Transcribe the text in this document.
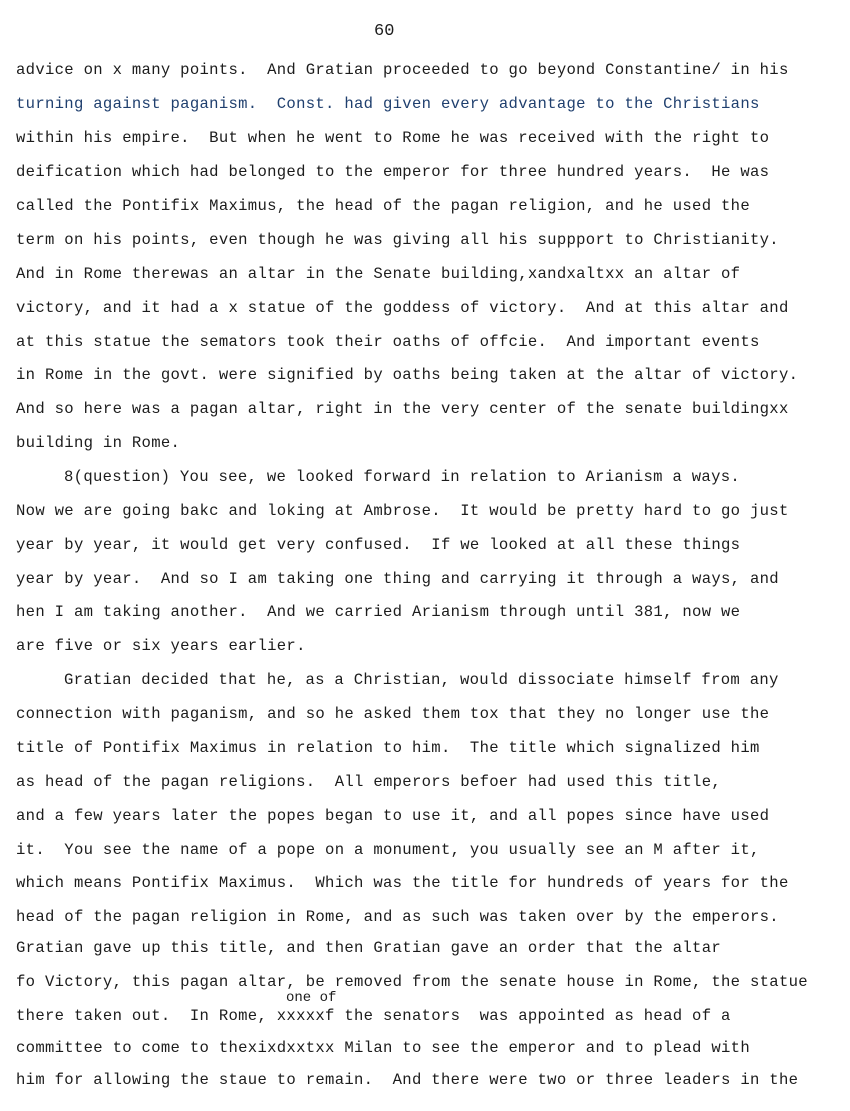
60
advice on x many points.  And Gratian proceeded to go beyond Constantine/ in his
turning against paganism.  Const. had given every advantage to the Christians
within his empire.  But when he went to Rome he was received with the right to
deification which had belonged to the emperor for three hundred years.  He was
called the Pontifix Maximus, the head of the pagan religion, and he used the
term on his points, even though he was giving all his suppport to Christianity.
And in Rome therewas an altar in the Senate building,xandxaltxx an altar of
victory, and it had a x statue of the goddess of victory.  And at this altar and
at this statue the semators took their oaths of offcie.  And important events
in Rome in the govt. were signified by oaths being taken at the altar of victory.
And so here was a pagan altar, right in the very center of the senate buildingxx
building in Rome.
8(question) You see, we looked forward in relation to Arianism a ways.
Now we are going bakc and loking at Ambrose.  It would be pretty hard to go just
year by year, it would get very confused.  If we looked at all these things
year by year.  And so I am taking one thing and carrying it through a ways, and
hen I am taking another.  And we carried Arianism through until 381, now we
are five or six years earlier.
Gratian decided that he, as a Christian, would dissociate himself from any
connection with paganism, and so he asked them tox that they no longer use the
title of Pontifix Maximus in relation to him.  The title which signalized him
as head of the pagan religions.  All emperors befoer had used this title,
and a few years later the popes began to use it, and all popes since have used
it.  You see the name of a pope on a monument, you usually see an M after it,
which means Pontifix Maximus.  Which was the title for hundreds of years for the
head of the pagan religion in Rome, and as such was taken over by the emperors.
Gratian gave up this title, and then Gratian gave an order that the altar
fo Victory, this pagan altar, be removed from the senate house in Rome, the statue
one of
there taken out.  In Rome, xxxxxf the senators  was appointed as head of a
committee to come to thexixdxxtxx Milan to see the emperor and to plead with
him for allowing the staue to remain.  And there were two or three leaders in the
